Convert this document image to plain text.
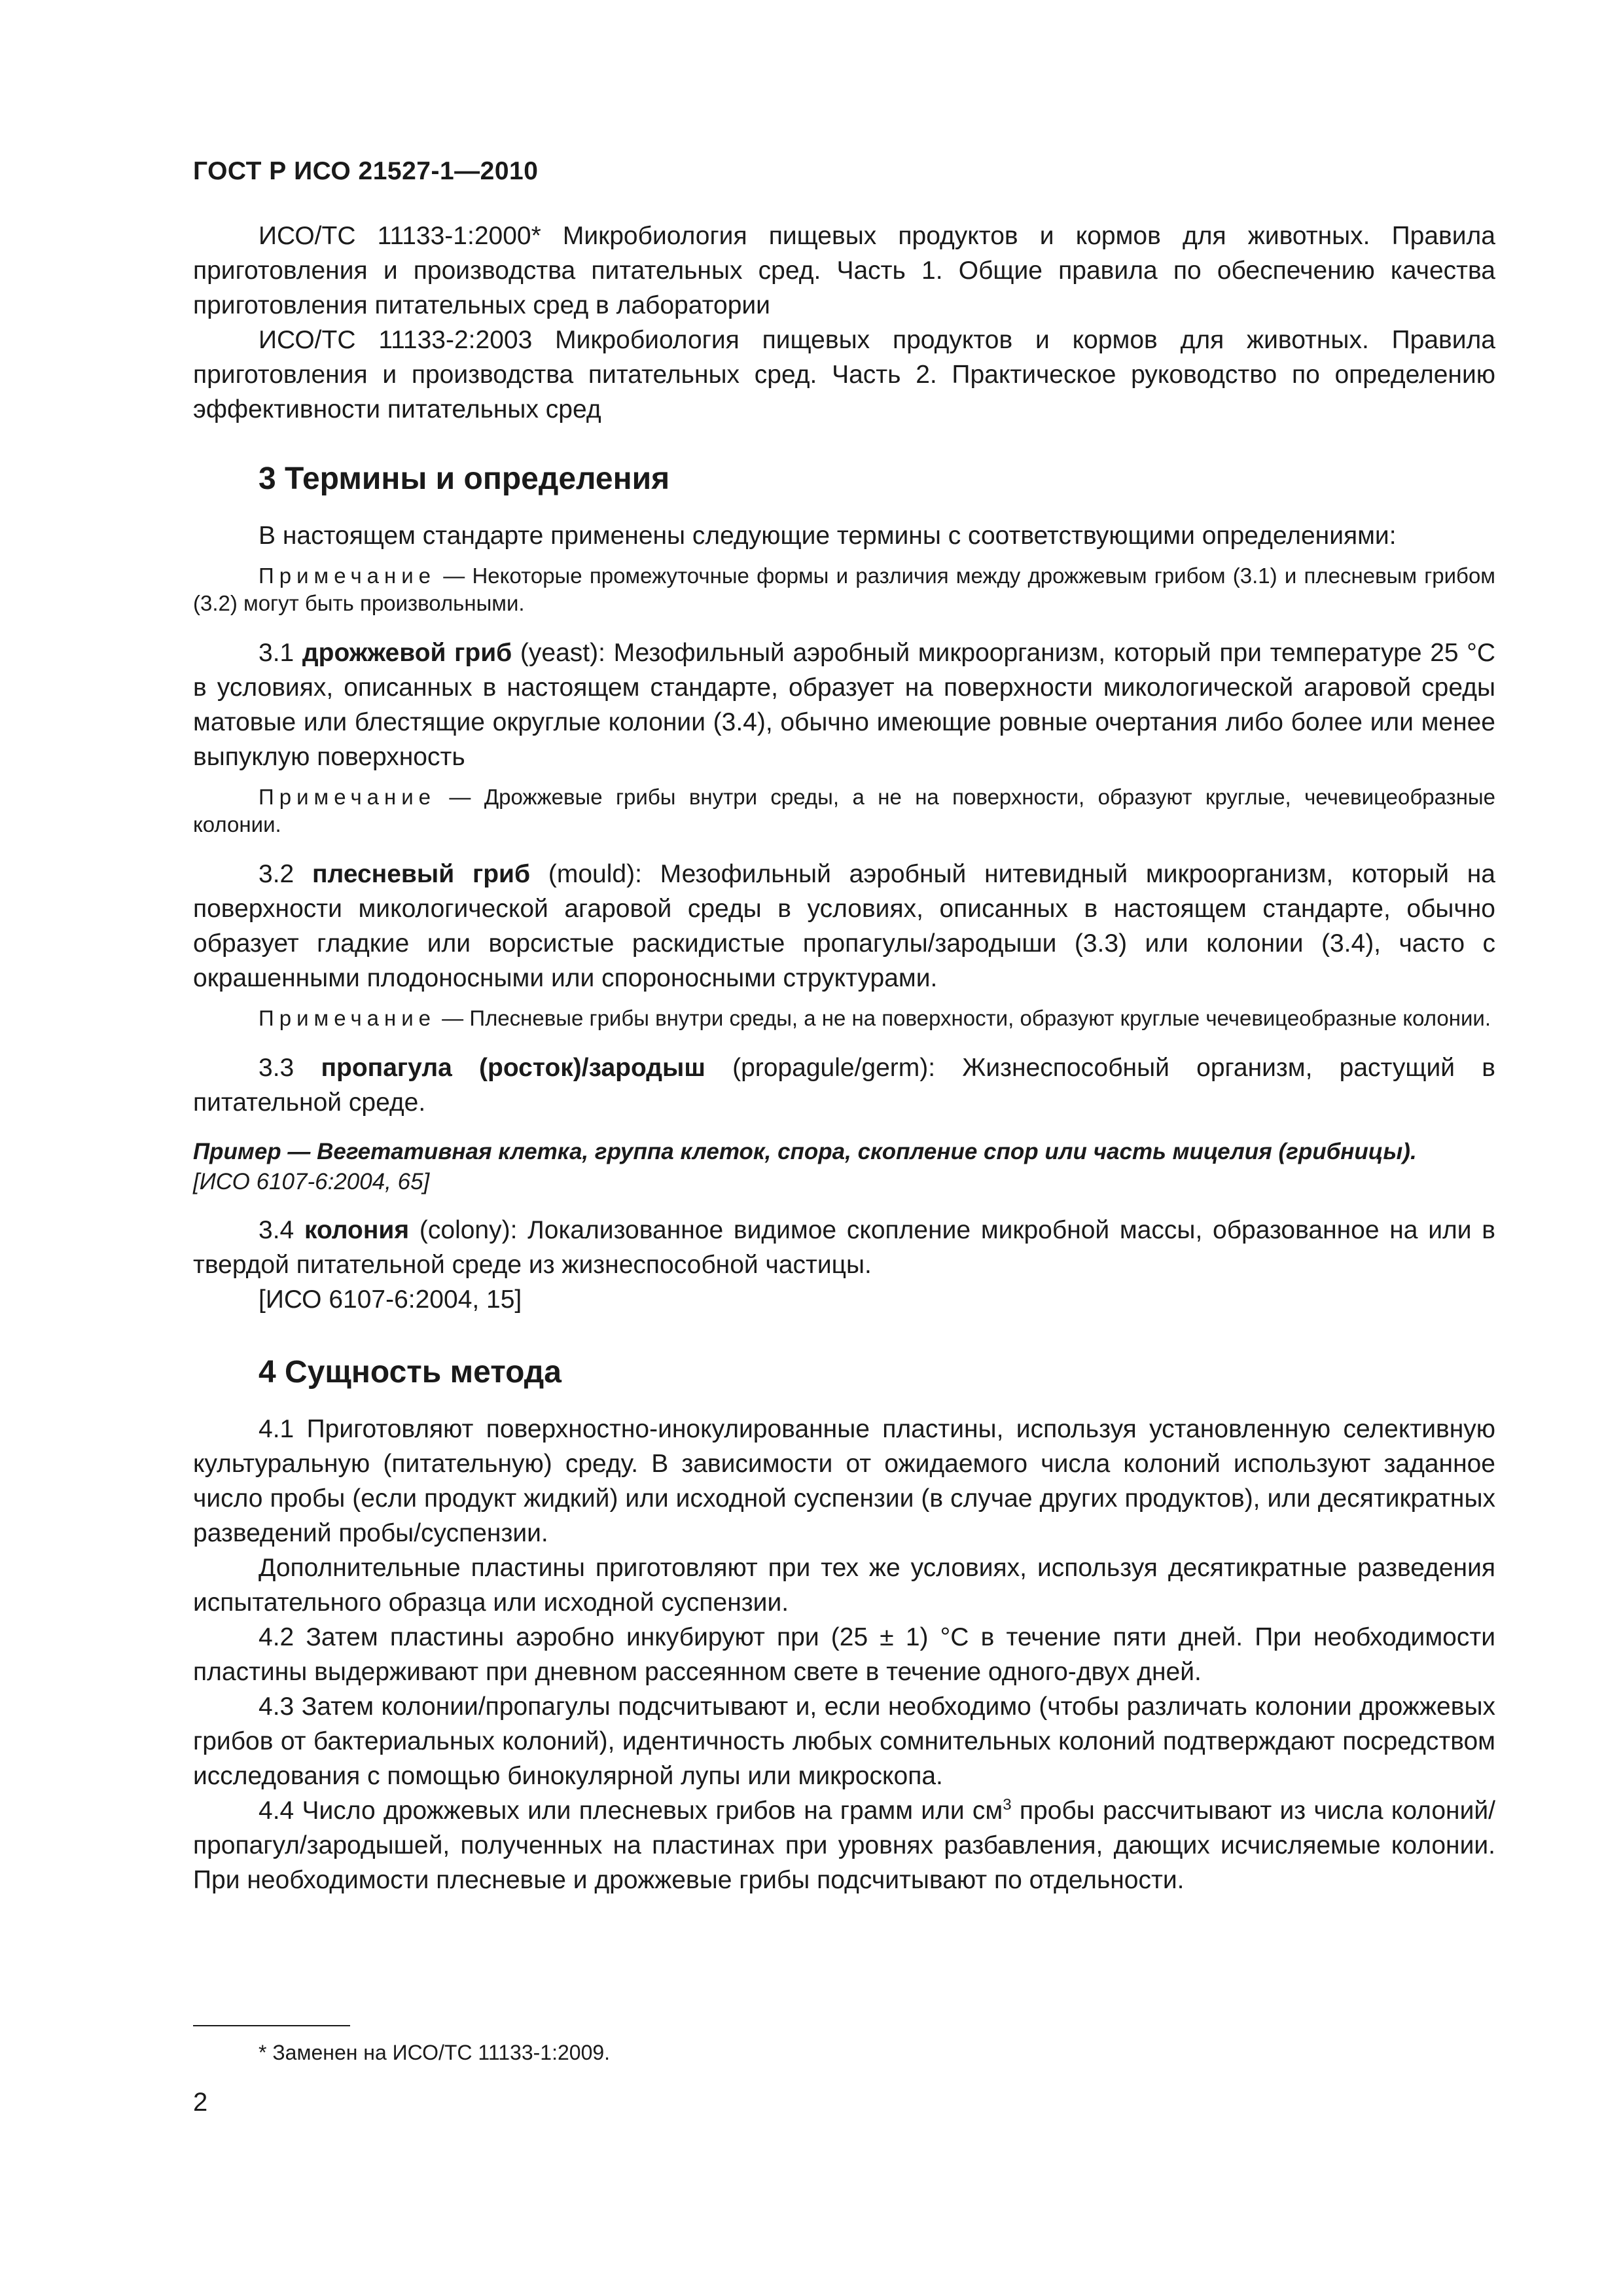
ГОСТ Р ИСО 21527-1—2010

ИСО/ТС 11133-1:2000* Микробиология пищевых продуктов и кормов для животных. Правила приготовления и производства питательных сред. Часть 1. Общие правила по обеспечению качества приготовления питательных сред в лаборатории

ИСО/ТС 11133-2:2003 Микробиология пищевых продуктов и кормов для животных. Правила приготовления и производства питательных сред. Часть 2. Практическое руководство по определению эффективности питательных сред

3 Термины и определения

В настоящем стандарте применены следующие термины с соответствующими определениями:

Примечание — Некоторые промежуточные формы и различия между дрожжевым грибом (3.1) и плесневым грибом (3.2) могут быть произвольными.

3.1 дрожжевой гриб (yeast): Мезофильный аэробный микроорганизм, который при температуре 25 °С в условиях, описанных в настоящем стандарте, образует на поверхности микологической агаровой среды матовые или блестящие округлые колонии (3.4), обычно имеющие ровные очертания либо более или менее выпуклую поверхность

Примечание — Дрожжевые грибы внутри среды, а не на поверхности, образуют круглые, чечевицеобразные колонии.

3.2 плесневый гриб (mould): Мезофильный аэробный нитевидный микроорганизм, который на поверхности микологической агаровой среды в условиях, описанных в настоящем стандарте, обычно образует гладкие или ворсистые раскидистые пропагулы/зародыши (3.3) или колонии (3.4), часто с окрашенными плодоносными или спороносными структурами.

Примечание — Плесневые грибы внутри среды, а не на поверхности, образуют круглые чечевицеобразные колонии.

3.3 пропагула (росток)/зародыш (propagule/germ): Жизнеспособный организм, растущий в питательной среде.

Пример — Вегетативная клетка, группа клеток, спора, скопление спор или часть мицелия (грибницы).

[ИСО 6107-6:2004, 65]

3.4 колония (colony): Локализованное видимое скопление микробной массы, образованное на или в твердой питательной среде из жизнеспособной частицы.

[ИСО 6107-6:2004, 15]

4 Сущность метода

4.1 Приготовляют поверхностно-инокулированные пластины, используя установленную селективную культуральную (питательную) среду. В зависимости от ожидаемого числа колоний используют заданное число пробы (если продукт жидкий) или исходной суспензии (в случае других продуктов), или десятикратных разведений пробы/суспензии.

Дополнительные пластины приготовляют при тех же условиях, используя десятикратные разведения испытательного образца или исходной суспензии.

4.2 Затем пластины аэробно инкубируют при (25 ± 1) °С в течение пяти дней. При необходимости пластины выдерживают при дневном рассеянном свете в течение одного-двух дней.

4.3 Затем колонии/пропагулы подсчитывают и, если необходимо (чтобы различать колонии дрожжевых грибов от бактериальных колоний), идентичность любых сомнительных колоний подтверждают посредством исследования с помощью бинокулярной лупы или микроскопа.

4.4 Число дрожжевых или плесневых грибов на грамм или $см^3$ пробы рассчитывают из числа колоний/пропагул/зародышей, полученных на пластинах при уровнях разбавления, дающих исчисляемые колонии. При необходимости плесневые и дрожжевые грибы подсчитывают по отдельности.

* Заменен на ИСО/ТС 11133-1:2009.
2
